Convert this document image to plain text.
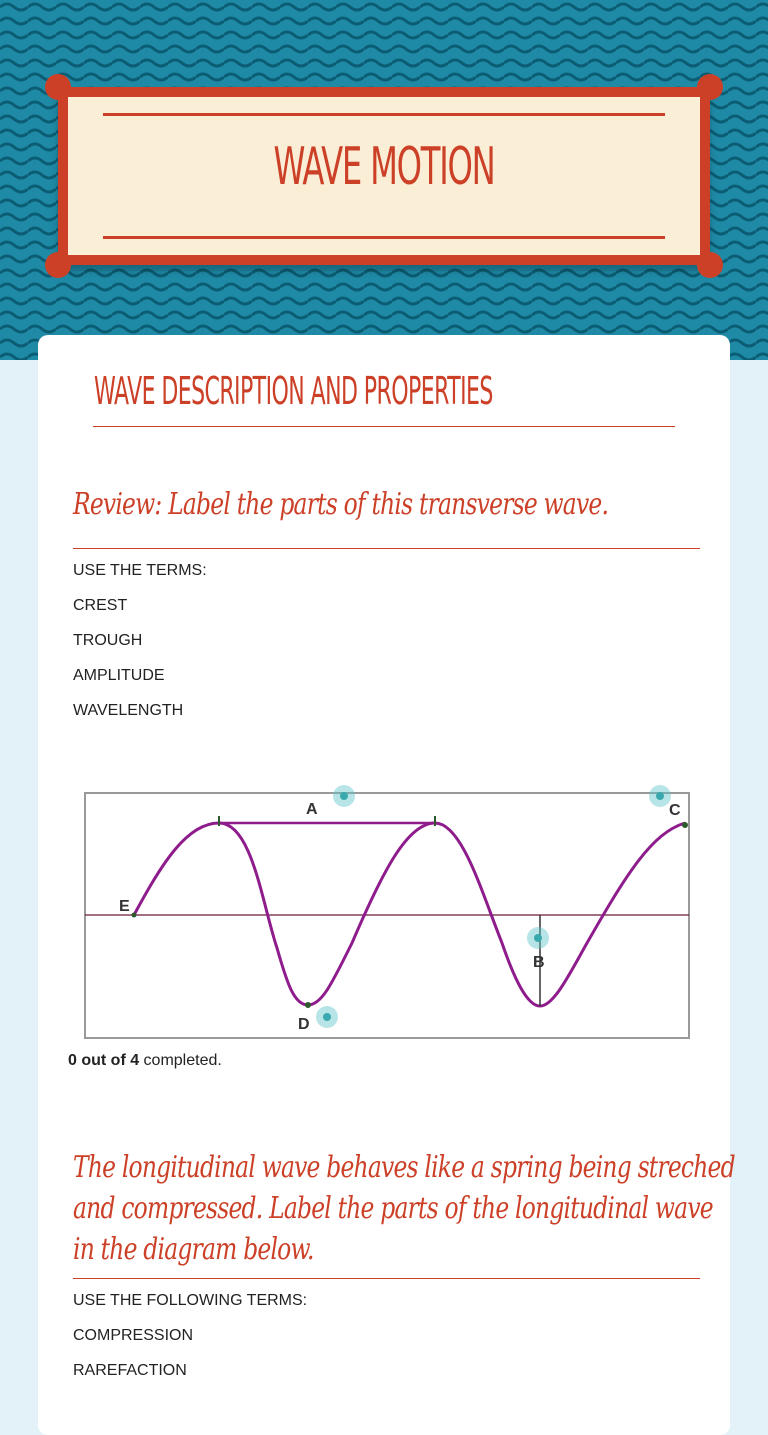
WAVE MOTION
WAVE DESCRIPTION AND PROPERTIES
Review: Label the parts of this transverse wave.
USE THE TERMS:
CREST
TROUGH
AMPLITUDE
WAVELENGTH
E
A	C
B
D
0 out of 4 completed.
The longitudinal wave behaves like a spring being streched
and compressed. Label the parts of the longitudinal wave
in the diagram below.
USE THE FOLLOWING TERMS:
COMPRESSION
RAREFACTION
